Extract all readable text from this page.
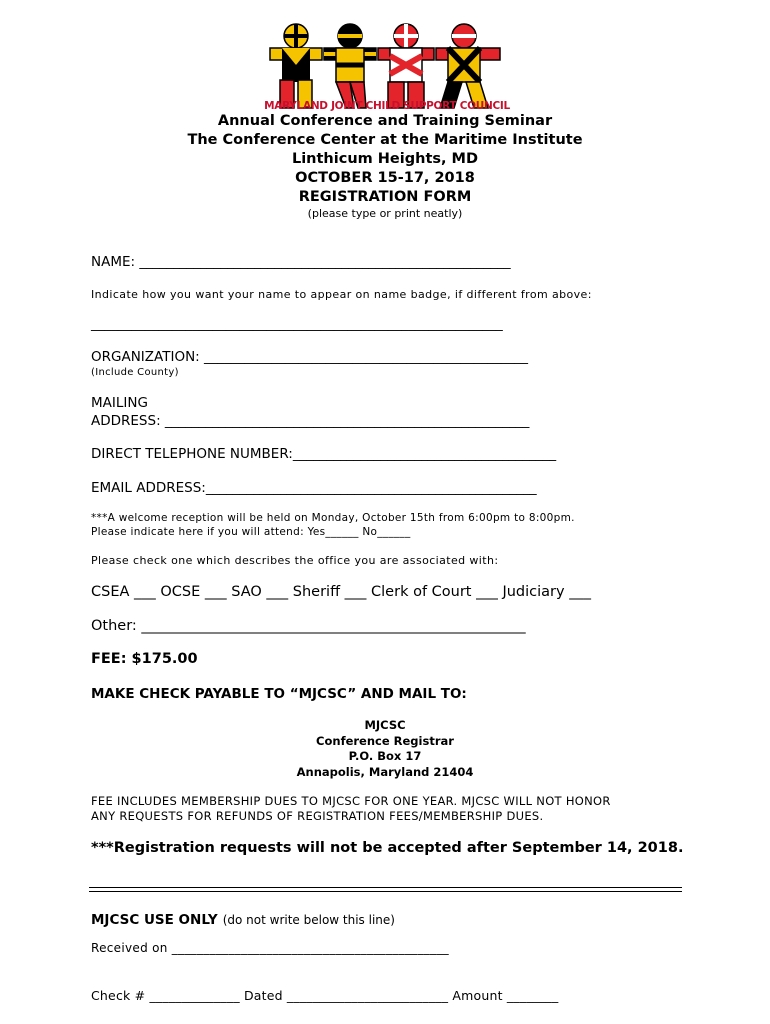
MARYLAND JOINT CHILD SUPPORT COUNCIL
Annual Conference and Training Seminar
The Conference Center at the Maritime Institute
Linthicum Heights, MD
OCTOBER 15-17, 2018
REGISTRATION FORM
(please type or print neatly)
NAME: _______________________________________________________
Indicate how you want your name to appear on name badge, if different from above:
_____________________________________________________________
ORGANIZATION: ________________________________________________
(Include County)
MAILING
ADDRESS: ______________________________________________________
DIRECT TELEPHONE NUMBER:_______________________________________
EMAIL ADDRESS:_________________________________________________
***A welcome reception will be held on Monday, October 15th from 6:00pm to 8:00pm.
Please indicate here if you will attend: Yes______ No______
Please check one which describes the office you are associated with:
CSEA ___ OCSE ___ SAO ___ Sheriff ___ Clerk of Court ___ Judiciary ___
Other: _____________________________________________________
FEE: $175.00
MAKE CHECK PAYABLE TO “MJCSC” AND MAIL TO:
MJCSC
Conference Registrar
P.O. Box 17
Annapolis, Maryland 21404
FEE INCLUDES MEMBERSHIP DUES TO MJCSC FOR ONE YEAR. MJCSC WILL NOT HONOR
ANY REQUESTS FOR REFUNDS OF REGISTRATION FEES/MEMBERSHIP DUES.
***Registration requests will not be accepted after September 14, 2018.
MJCSC USE ONLY (do not write below this line)
Received on ____________________________________________
Check # ______________ Dated _________________________ Amount ________
